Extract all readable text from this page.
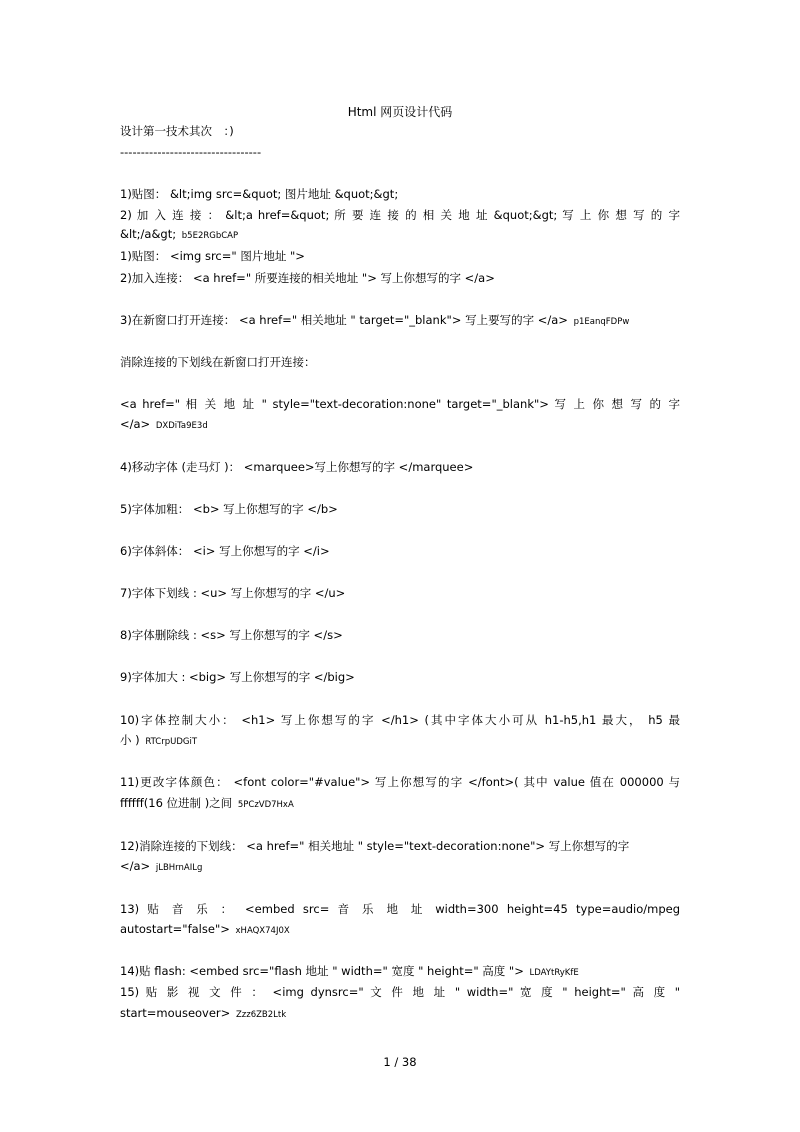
Html 网页设计代码
设计第一技术其次　：)
----------------------------------
1)贴图： &lt;img src=&quot; 图片地址 &quot;&gt;
2) 加 入 连 接 ： &lt;a href=&quot; 所 要 连 接 的 相 关 地 址 &quot;&gt; 写 上 你 想 写 的 字
&lt;/a&gt; b5E2RGbCAP
1)贴图： <img src=" 图片地址 ">
2)加入连接： <a href=" 所要连接的相关地址 "> 写上你想写的字 </a>
3)在新窗口打开连接： <a href=" 相关地址 " target="_blank"> 写上要写的字 </a> p1EanqFDPw
消除连接的下划线在新窗口打开连接：
<a href=" 相 关 地 址 " style="text-decoration:none" target="_blank"> 写 上 你 想 写 的 字
</a> DXDiTa9E3d
4)移动字体 (走马灯 )： <marquee>写上你想写的字 </marquee>
5)字体加粗： <b> 写上你想写的字 </b>
6)字体斜体： <i> 写上你想写的字 </i>
7)字体下划线 : <u> 写上你想写的字 </u>
8)字体删除线 : <s> 写上你想写的字 </s>
9)字体加大 : <big> 写上你想写的字 </big>
10)字体控制大小： <h1> 写上你想写的字 </h1> (其中字体大小可从 h1-h5,h1 最大， h5 最
小 ) RTCrpUDGiT
11)更改字体颜色： <font color="#value"> 写上你想写的字 </font>( 其中 value 值在 000000 与
ffffff(16 位进制 )之间 5PCzVD7HxA
12)消除连接的下划线： <a href=" 相关地址 " style="text-decoration:none"> 写上你想写的字
</a> jLBHrnAILg
13) 贴 音 乐 ： <embed src= 音 乐 地 址 width=300 height=45 type=audio/mpeg
autostart="false"> xHAQX74J0X
14)贴 flash: <embed src="flash 地址 " width=" 宽度 " height=" 高度 "> LDAYtRyKfE
15) 贴 影 视 文 件 ： <img dynsrc=" 文 件 地 址 " width=" 宽 度 " height=" 高 度 "
start=mouseover> Zzz6ZB2Ltk
1 / 38
